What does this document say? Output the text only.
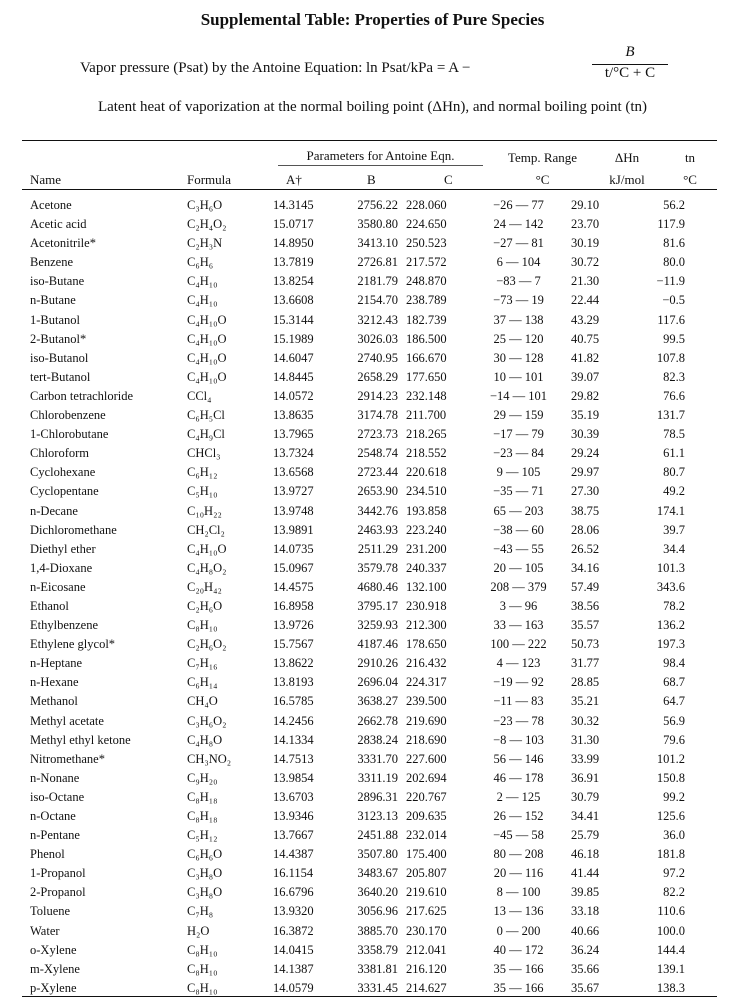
Supplemental Table: Properties of Pure Species
Vapor pressure (Psat) by the Antoine Equation: ln Psat/kPa = A −
B
t/°C + C
Latent heat of vaporization at the normal boiling point (ΔHn), and normal boiling point (tn)
Parameters for Antoine Eqn.
Name	Formula	A†	B	C
Temp. Range
°C
ΔHn
kJ/mol
tn
°C
Acetone	C₃H₆O	14.3145	2756.22	228.060	−26 — 77	29.10	56.2
Acetic acid	C₂H₄O₂	15.0717	3580.80	224.650	24 — 142	23.70	117.9
Acetonitrile*	C₂H₃N	14.8950	3413.10	250.523	−27 — 81	30.19	81.6
Benzene	C₆H₆	13.7819	2726.81	217.572	6 — 104	30.72	80.0
iso-Butane	C₄H₁₀	13.8254	2181.79	248.870	−83 — 7	21.30	−11.9
n-Butane	C₄H₁₀	13.6608	2154.70	238.789	−73 — 19	22.44	−0.5
1-Butanol	C₄H₁₀O	15.3144	3212.43	182.739	37 — 138	43.29	117.6
2-Butanol*	C₄H₁₀O	15.1989	3026.03	186.500	25 — 120	40.75	99.5
iso-Butanol	C₄H₁₀O	14.6047	2740.95	166.670	30 — 128	41.82	107.8
tert-Butanol	C₄H₁₀O	14.8445	2658.29	177.650	10 — 101	39.07	82.3
Carbon tetrachloride	CCl₄	14.0572	2914.23	232.148	−14 — 101	29.82	76.6
Chlorobenzene	C₆H₅Cl	13.8635	3174.78	211.700	29 — 159	35.19	131.7
1-Chlorobutane	C₄H₉Cl	13.7965	2723.73	218.265	−17 — 79	30.39	78.5
Chloroform	CHCl₃	13.7324	2548.74	218.552	−23 — 84	29.24	61.1
Cyclohexane	C₆H₁₂	13.6568	2723.44	220.618	9 — 105	29.97	80.7
Cyclopentane	C₅H₁₀	13.9727	2653.90	234.510	−35 — 71	27.30	49.2
n-Decane	C₁₀H₂₂	13.9748	3442.76	193.858	65 — 203	38.75	174.1
Dichloromethane	CH₂Cl₂	13.9891	2463.93	223.240	−38 — 60	28.06	39.7
Diethyl ether	C₄H₁₀O	14.0735	2511.29	231.200	−43 — 55	26.52	34.4
1,4-Dioxane	C₄H₈O₂	15.0967	3579.78	240.337	20 — 105	34.16	101.3
n-Eicosane	C₂₀H₄₂	14.4575	4680.46	132.100	208 — 379	57.49	343.6
Ethanol	C₂H₆O	16.8958	3795.17	230.918	3 — 96	38.56	78.2
Ethylbenzene	C₈H₁₀	13.9726	3259.93	212.300	33 — 163	35.57	136.2
Ethylene glycol*	C₂H₆O₂	15.7567	4187.46	178.650	100 — 222	50.73	197.3
n-Heptane	C₇H₁₆	13.8622	2910.26	216.432	4 — 123	31.77	98.4
n-Hexane	C₆H₁₄	13.8193	2696.04	224.317	−19 — 92	28.85	68.7
Methanol	CH₄O	16.5785	3638.27	239.500	−11 — 83	35.21	64.7
Methyl acetate	C₃H₆O₂	14.2456	2662.78	219.690	−23 — 78	30.32	56.9
Methyl ethyl ketone	C₄H₈O	14.1334	2838.24	218.690	−8 — 103	31.30	79.6
Nitromethane*	CH₃NO₂	14.7513	3331.70	227.600	56 — 146	33.99	101.2
n-Nonane	C₉H₂₀	13.9854	3311.19	202.694	46 — 178	36.91	150.8
iso-Octane	C₈H₁₈	13.6703	2896.31	220.767	2 — 125	30.79	99.2
n-Octane	C₈H₁₈	13.9346	3123.13	209.635	26 — 152	34.41	125.6
n-Pentane	C₅H₁₂	13.7667	2451.88	232.014	−45 — 58	25.79	36.0
Phenol	C₆H₆O	14.4387	3507.80	175.400	80 — 208	46.18	181.8
1-Propanol	C₃H₈O	16.1154	3483.67	205.807	20 — 116	41.44	97.2
2-Propanol	C₃H₈O	16.6796	3640.20	219.610	8 — 100	39.85	82.2
Toluene	C₇H₈	13.9320	3056.96	217.625	13 — 136	33.18	110.6
Water	H₂O	16.3872	3885.70	230.170	0 — 200	40.66	100.0
o-Xylene	C₈H₁₀	14.0415	3358.79	212.041	40 — 172	36.24	144.4
m-Xylene	C₈H₁₀	14.1387	3381.81	216.120	35 — 166	35.66	139.1
p-Xylene	C₈H₁₀	14.0579	3331.45	214.627	35 — 166	35.67	138.3
